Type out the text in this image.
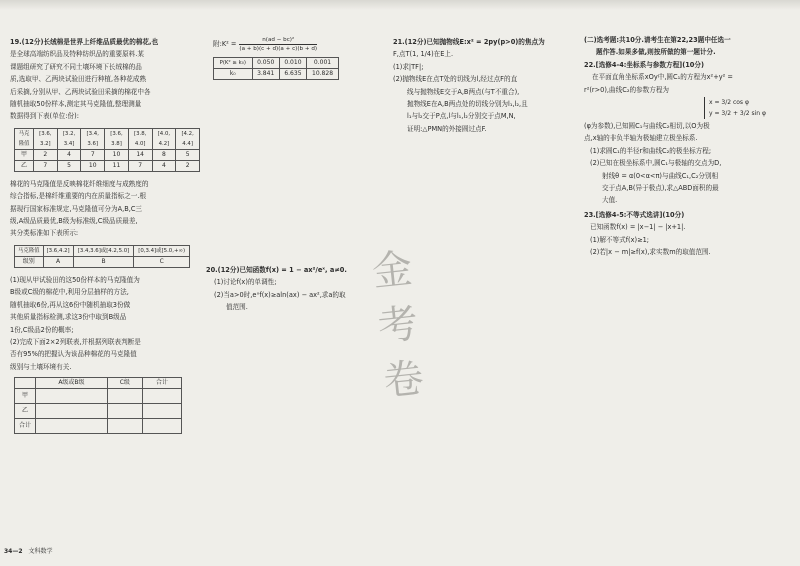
19.(12分)长绒棉是世界上纤维品质最优的棉花,也

是全球高端纺织品及特种纺织品的重要原料.某

课题组研究了研究不同土壤环境下长绒棉的品

质,选取甲、乙两块试验田进行种植,各种花成熟

后采摘,分别从甲、乙两块试验田采摘的棉花中各

随机抽取50份样本,测定其马克隆值,整理测量

数据得到下表(单位:份):

马克隆值	[3.6, 3.2]	[3.2, 3.4]	[3.4, 3.6]	[3.6, 3.8]	[3.8, 4.0]	[4.0, 4.2]	[4.2, 4.4]
甲	2	4	7	10	14	8	5
乙	7	5	10	11	7	4	2

棉花的马克隆值是反映棉花纤维细度与成熟度的

综合指标,是棉纤维重要的内在质量指标之一.根

据现行国家标准规定,马克隆值可分为A,B,C三

级,A级品质最优,B级为标准级,C级品质最差,

其分类标准如下表所示:

马克隆值	[3.6,4.2]	[3.4,3.6]或[4.2,5.0]	[0,3.4]或[5.0,+∞)
级别	A	B	C

(1)现从甲试验田的这50份样本的马克隆值为

B级或C级的棉花中,利用分层抽样的方法,

随机抽取6份,再从这6份中随机抽取3份做

其他质量指标检测,求这3份中取到B级品

1份,C级品2份的概率;

(2)完成下面2×2列联表,并根据列联表判断是

否有95%的把握认为该品种棉花的马克隆值

级别与土壤环境有关.

	A级或B级	C级	合计
甲			
乙			
合计			
附:K² = $\frac{\text{n(ad − bc)²}}{(a + b)(c + d)(a + c)(b + d)}$
P(K² ≥ k₀)	0.050	0.010	0.001
k₀	3.841	6.635	10.828

20.(12分)已知函数f(x) = 1 − ax²/eˣ, a≠0.

(1)讨论f(x)的单调性;

(2)当a>0时,eˣf(x)≥aln(ax) − ax²,求a的取

值范围.

金考卷

21.(12分)已知抛物线E:x² = 2py(p>0)的焦点为

F,点T(1, 1/4)在E上.

(1)求|TF|;

(2)抛物线E在点T处的切线为l,经过点F的直

线与抛物线E交于A,B两点(与T不重合),

抛物线E在A,B两点处的切线分别为l₁,l₂,且

l₁与l₂交于P点,l与l₁,l₂分别交于点M,N,

证明:△PMN的外接圆过点F.

(二)选考题:共10分.请考生在第22,23题中任选一

题作答.如果多做,则按所做的第一题计分.

22.[选修4-4:坐标系与参数方程](10分)

在平面直角坐标系xOy中,圆C₁的方程为x²+y² =

r²(r>0),曲线C₂的参数方程为

x = 3/2 cos φ
y = 3/2 + 3/2 sin φ

(φ为参数),已知圆C₁与曲线C₂相切,以O为极

点,x轴的非负半轴为极轴建立极坐标系.

(1)求圆C₁的半径r和曲线C₂的极坐标方程;

(2)已知在极坐标系中,圆C₁与极轴的交点为D,

射线θ = α(0<α<π)与曲线C₁,C₂分别相

交于点A,B(异于极点),求△ABD面积的最

大值.

23.[选修4-5:不等式选讲](10分)

已知函数f(x) = |x−1| − |x+1|.

(1)解不等式f(x)≥1;

(2)若|x − m|≥f(x),求实数m的取值范围.

34—2 文科数学
